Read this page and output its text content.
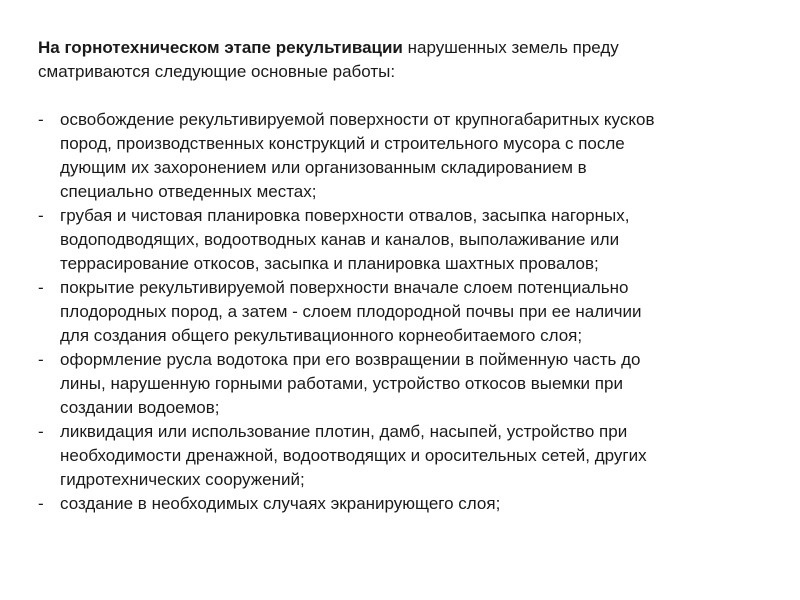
На горнотехническом этапе рекультивации нарушенных земель преду
сматриваются следующие основные работы:

- освобождение рекультивируемой поверхности от крупногабаритных кусков
пород, производственных конструкций и строительного мусора с после
дующим их захоронением или организованным складированием в
специально отведенных местах;
- грубая и чистовая планировка поверхности отвалов, засыпка нагорных,
водоподводящих, водоотводных канав и каналов, выполаживание или
террасирование откосов, засыпка и планировка шахтных провалов;
- покрытие рекультивируемой поверхности вначале слоем потенциально
плодородных пород, а затем - слоем плодородной почвы при ее наличии
для создания общего рекультивационного корнеобитаемого слоя;
- оформление русла водотока при его возвращении в пойменную часть до
лины, нарушенную горными работами, устройство откосов выемки при
создании водоемов;
- ликвидация или использование плотин, дамб, насыпей, устройство при
необходимости дренажной, водоотводящих и оросительных сетей, других
гидротехнических сооружений;
- создание в необходимых случаях экранирующего слоя;
